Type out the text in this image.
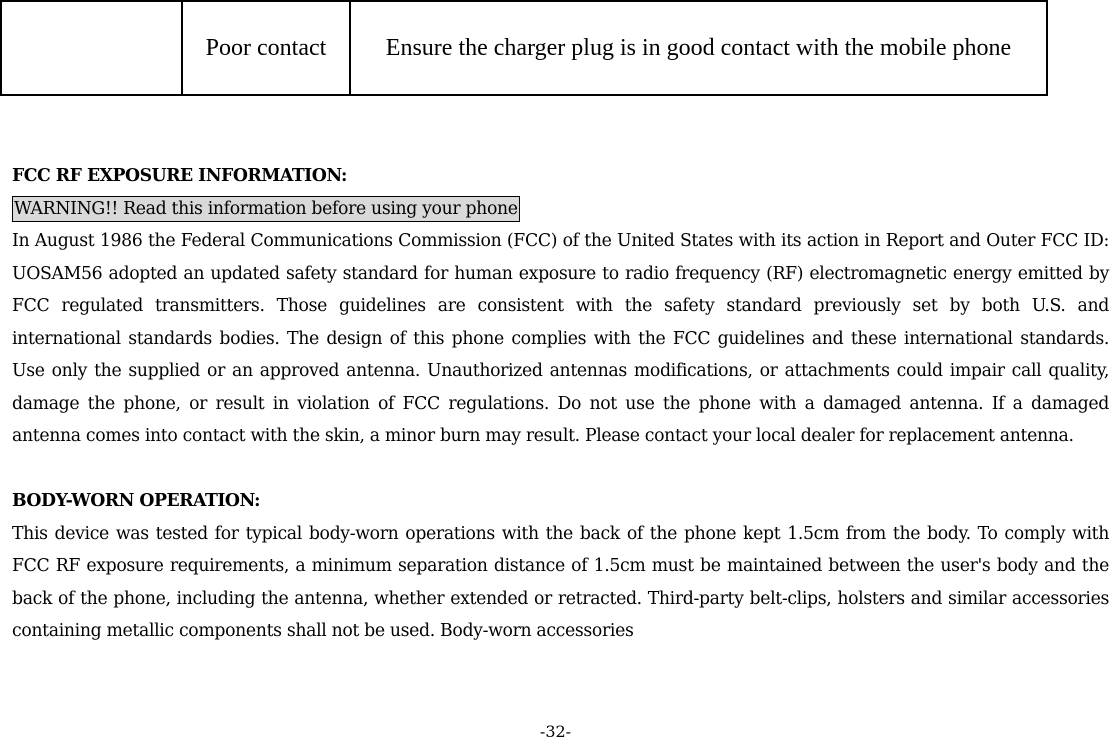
	Poor contact	Ensure the charger plug is in good contact with the mobile phone

FCC RF EXPOSURE INFORMATION:

WARNING!! Read this information before using your phone

In August 1986 the Federal Communications Commission (FCC) of the United States with its action in Report and Outer FCC ID: UOSAM56 adopted an updated safety standard for human exposure to radio frequency (RF) electromagnetic energy emitted by FCC regulated transmitters. Those guidelines are consistent with the safety standard previously set by both U.S. and international standards bodies. The design of this phone complies with the FCC guidelines and these international standards. Use only the supplied or an approved antenna. Unauthorized antennas modifications, or attachments could impair call quality, damage the phone, or result in violation of FCC regulations. Do not use the phone with a damaged antenna. If a damaged antenna comes into contact with the skin, a minor burn may result. Please contact your local dealer for replacement antenna.

BODY-WORN OPERATION:

This device was tested for typical body-worn operations with the back of the phone kept 1.5cm from the body. To comply with FCC RF exposure requirements, a minimum separation distance of 1.5cm must be maintained between the user's body and the back of the phone, including the antenna, whether extended or retracted. Third-party belt-clips, holsters and similar accessories containing metallic components shall not be used. Body-worn accessories

-32-
